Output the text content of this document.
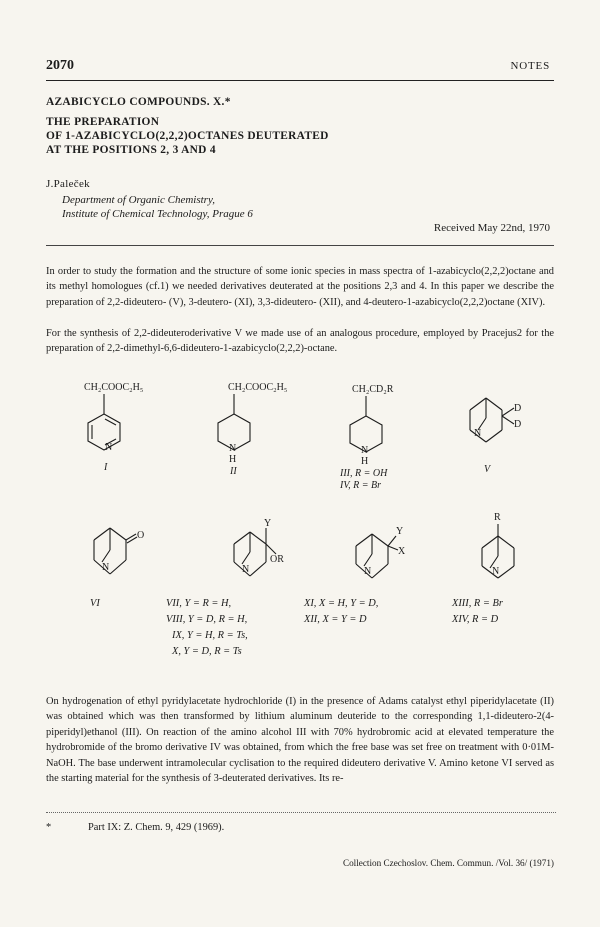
2070	NOTES
AZABICYCLO COMPOUNDS. X.*
THE PREPARATION
OF 1-AZABICYCLO(2,2,2)OCTANES DEUTERATED
AT THE POSITIONS 2, 3 AND 4
J.Paleček
Department of Organic Chemistry,
Institute of Chemical Technology, Prague 6
Received May 22nd, 1970

In order to study the formation and the structure of some ionic species in mass spectra of 1-azabicyclo(2,2,2)octane and its methyl homologues (cf.1) we needed derivatives deuterated at the positions 2,3 and 4. In this paper we describe the preparation of 2,2-dideutero- (V), 3-deutero- (XI), 3,3-dideutero- (XII), and 4-deutero-1-azabicyclo(2,2,2)octane (XIV).

For the synthesis of 2,2-dideuteroderivative V we made use of an analogous procedure, employed by Pracejus2 for the preparation of 2,2-dimethyl-6,6-dideutero-1-azabicyclo(2,2,2)-octane.

CH₂COOC₂H₅
N
I
CH₂COOC₂H₅
N
H
II
CH₂CD₂R
N
H
III, R = OH
IV, R = Br
D
D
N
V
O
N
VI
Y
OR
N
VII, Y = R = H,
VIII, Y = D, R = H,
IX, Y = H, R = Ts,
X, Y = D, R = Ts
Y
X
N
XI, X = H, Y = D,
XII, X = Y = D
R
N
XIII, R = Br
XIV, R = D

On hydrogenation of ethyl pyridylacetate hydrochloride (I) in the presence of Adams catalyst ethyl piperidylacetate (II) was obtained which was then transformed by lithium aluminum deuteride to the corresponding 1,1-dideutero-2(4-piperidyl)ethanol (III). On reaction of the amino alcohol III with 70% hydrobromic acid at elevated temperature the hydrobromide of the bromo derivative IV was obtained, from which the free base was set free on treatment with 0·01M-NaOH. The base underwent intramolecular cyclisation to the required dideutero derivative V. Amino ketone VI served as the starting material for the synthesis of 3-deuterated derivatives. Its re-

*	Part IX: Z. Chem. 9, 429 (1969).
Collection Czechoslov. Chem. Commun. /Vol. 36/ (1971)
